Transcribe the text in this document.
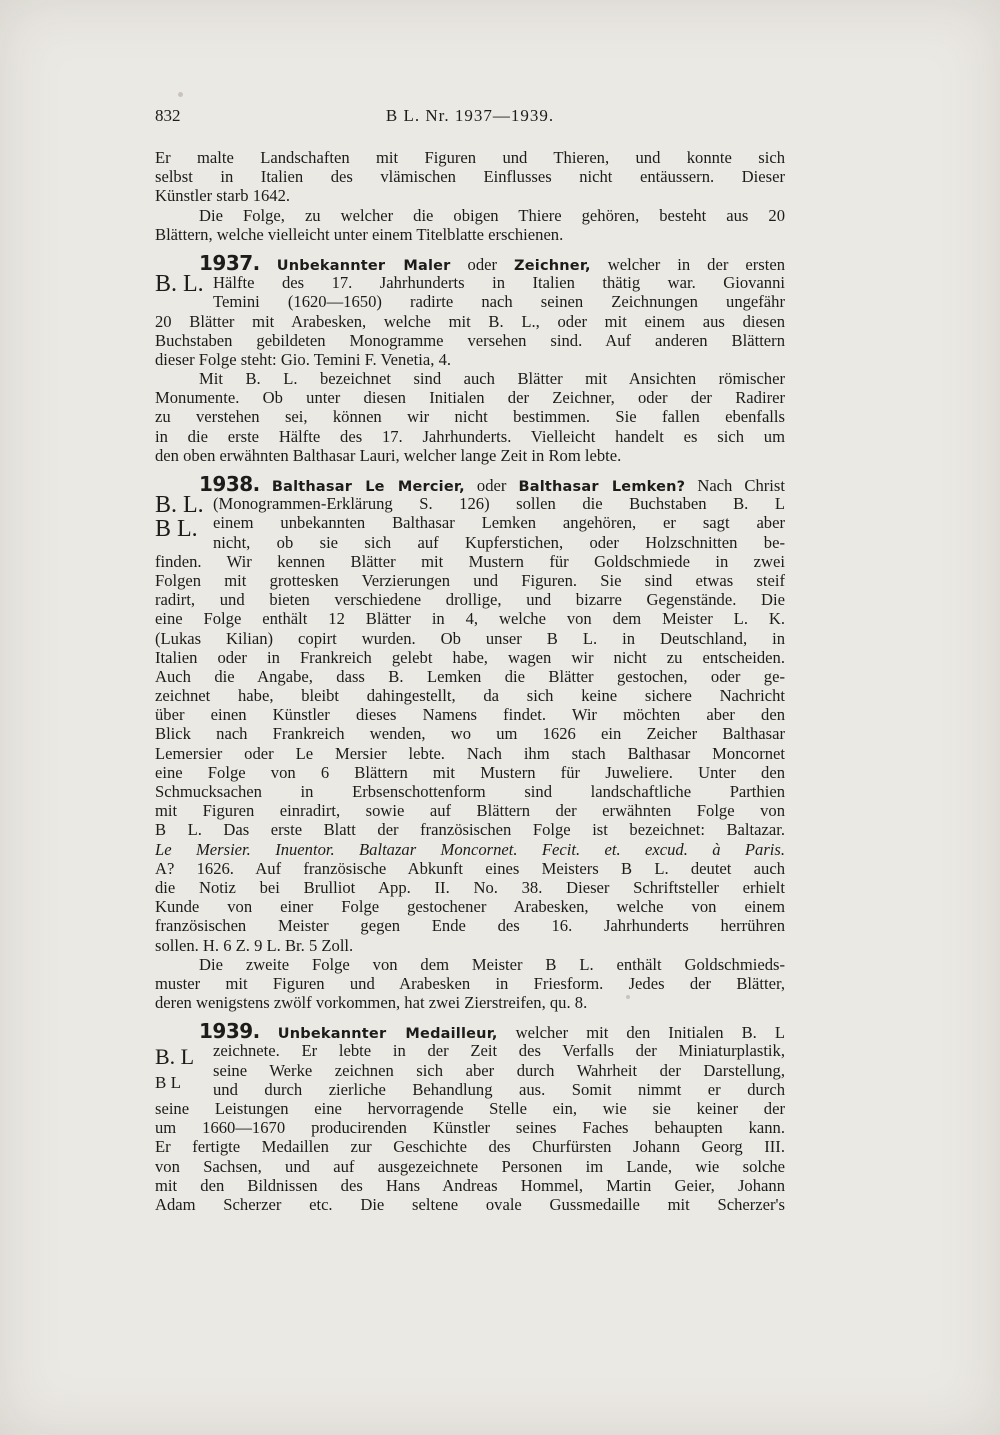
832	B L. Nr. 1937—1939.
Er malte Landschaften mit Figuren und Thieren, und konnte sich
selbst in Italien des vlämischen Einflusses nicht entäussern. Dieser
Künstler starb 1642.
Die Folge, zu welcher die obigen Thiere gehören, besteht aus 20
Blättern, welche vielleicht unter einem Titelblatte erschienen.
1937. Unbekannter Maler oder Zeichner, welcher in der ersten
B. L. Hälfte des 17. Jahrhunderts in Italien thätig war. Giovanni
Temini (1620—1650) radirte nach seinen Zeichnungen ungefähr
20 Blätter mit Arabesken, welche mit B. L., oder mit einem aus diesen
Buchstaben gebildeten Monogramme versehen sind. Auf anderen Blättern
dieser Folge steht: Gio. Temini F. Venetia, 4.
Mit B. L. bezeichnet sind auch Blätter mit Ansichten römischer
Monumente. Ob unter diesen Initialen der Zeichner, oder der Radirer
zu verstehen sei, können wir nicht bestimmen. Sie fallen ebenfalls
in die erste Hälfte des 17. Jahrhunderts. Vielleicht handelt es sich um
den oben erwähnten Balthasar Lauri, welcher lange Zeit in Rom lebte.
1938. Balthasar Le Mercier, oder Balthasar Lemken? Nach Christ
B. L.
B L.
(Monogrammen-Erklärung S. 126) sollen die Buchstaben B. L
einem unbekannten Balthasar Lemken angehören, er sagt aber
nicht, ob sie sich auf Kupferstichen, oder Holzschnitten be-
finden. Wir kennen Blätter mit Mustern für Goldschmiede in zwei
Folgen mit grottesken Verzierungen und Figuren. Sie sind etwas steif
radirt, und bieten verschiedene drollige, und bizarre Gegenstände. Die
eine Folge enthält 12 Blätter in 4, welche von dem Meister L. K.
(Lukas Kilian) copirt wurden. Ob unser B L. in Deutschland, in
Italien oder in Frankreich gelebt habe, wagen wir nicht zu entscheiden.
Auch die Angabe, dass B. Lemken die Blätter gestochen, oder ge-
zeichnet habe, bleibt dahingestellt, da sich keine sichere Nachricht
über einen Künstler dieses Namens findet. Wir möchten aber den
Blick nach Frankreich wenden, wo um 1626 ein Zeicher Balthasar
Lemersier oder Le Mersier lebte. Nach ihm stach Balthasar Moncornet
eine Folge von 6 Blättern mit Mustern für Juweliere. Unter den
Schmucksachen in Erbsenschottenform sind landschaftliche Parthien
mit Figuren einradirt, sowie auf Blättern der erwähnten Folge von
B L. Das erste Blatt der französischen Folge ist bezeichnet: Baltazar.
Le Mersier. Inuentor. Baltazar Moncornet. Fecit. et. excud. à Paris.
A? 1626. Auf französische Abkunft eines Meisters B L. deutet auch
die Notiz bei Brulliot App. II. No. 38. Dieser Schriftsteller erhielt
Kunde von einer Folge gestochener Arabesken, welche von einem
französischen Meister gegen Ende des 16. Jahrhunderts herrühren
sollen. H. 6 Z. 9 L. Br. 5 Zoll.
Die zweite Folge von dem Meister B L. enthält Goldschmieds-
muster mit Figuren und Arabesken in Friesform. Jedes der Blätter,
deren wenigstens zwölf vorkommen, hat zwei Zierstreifen, qu. 8.
1939. Unbekannter Medailleur, welcher mit den Initialen B. L
B. L
B L
zeichnete. Er lebte in der Zeit des Verfalls der Miniaturplastik,
seine Werke zeichnen sich aber durch Wahrheit der Darstellung,
und durch zierliche Behandlung aus. Somit nimmt er durch
seine Leistungen eine hervorragende Stelle ein, wie sie keiner der
um 1660—1670 producirenden Künstler seines Faches behaupten kann.
Er fertigte Medaillen zur Geschichte des Churfürsten Johann Georg III.
von Sachsen, und auf ausgezeichnete Personen im Lande, wie solche
mit den Bildnissen des Hans Andreas Hommel, Martin Geier, Johann
Adam Scherzer etc. Die seltene ovale Gussmedaille mit Scherzer's
